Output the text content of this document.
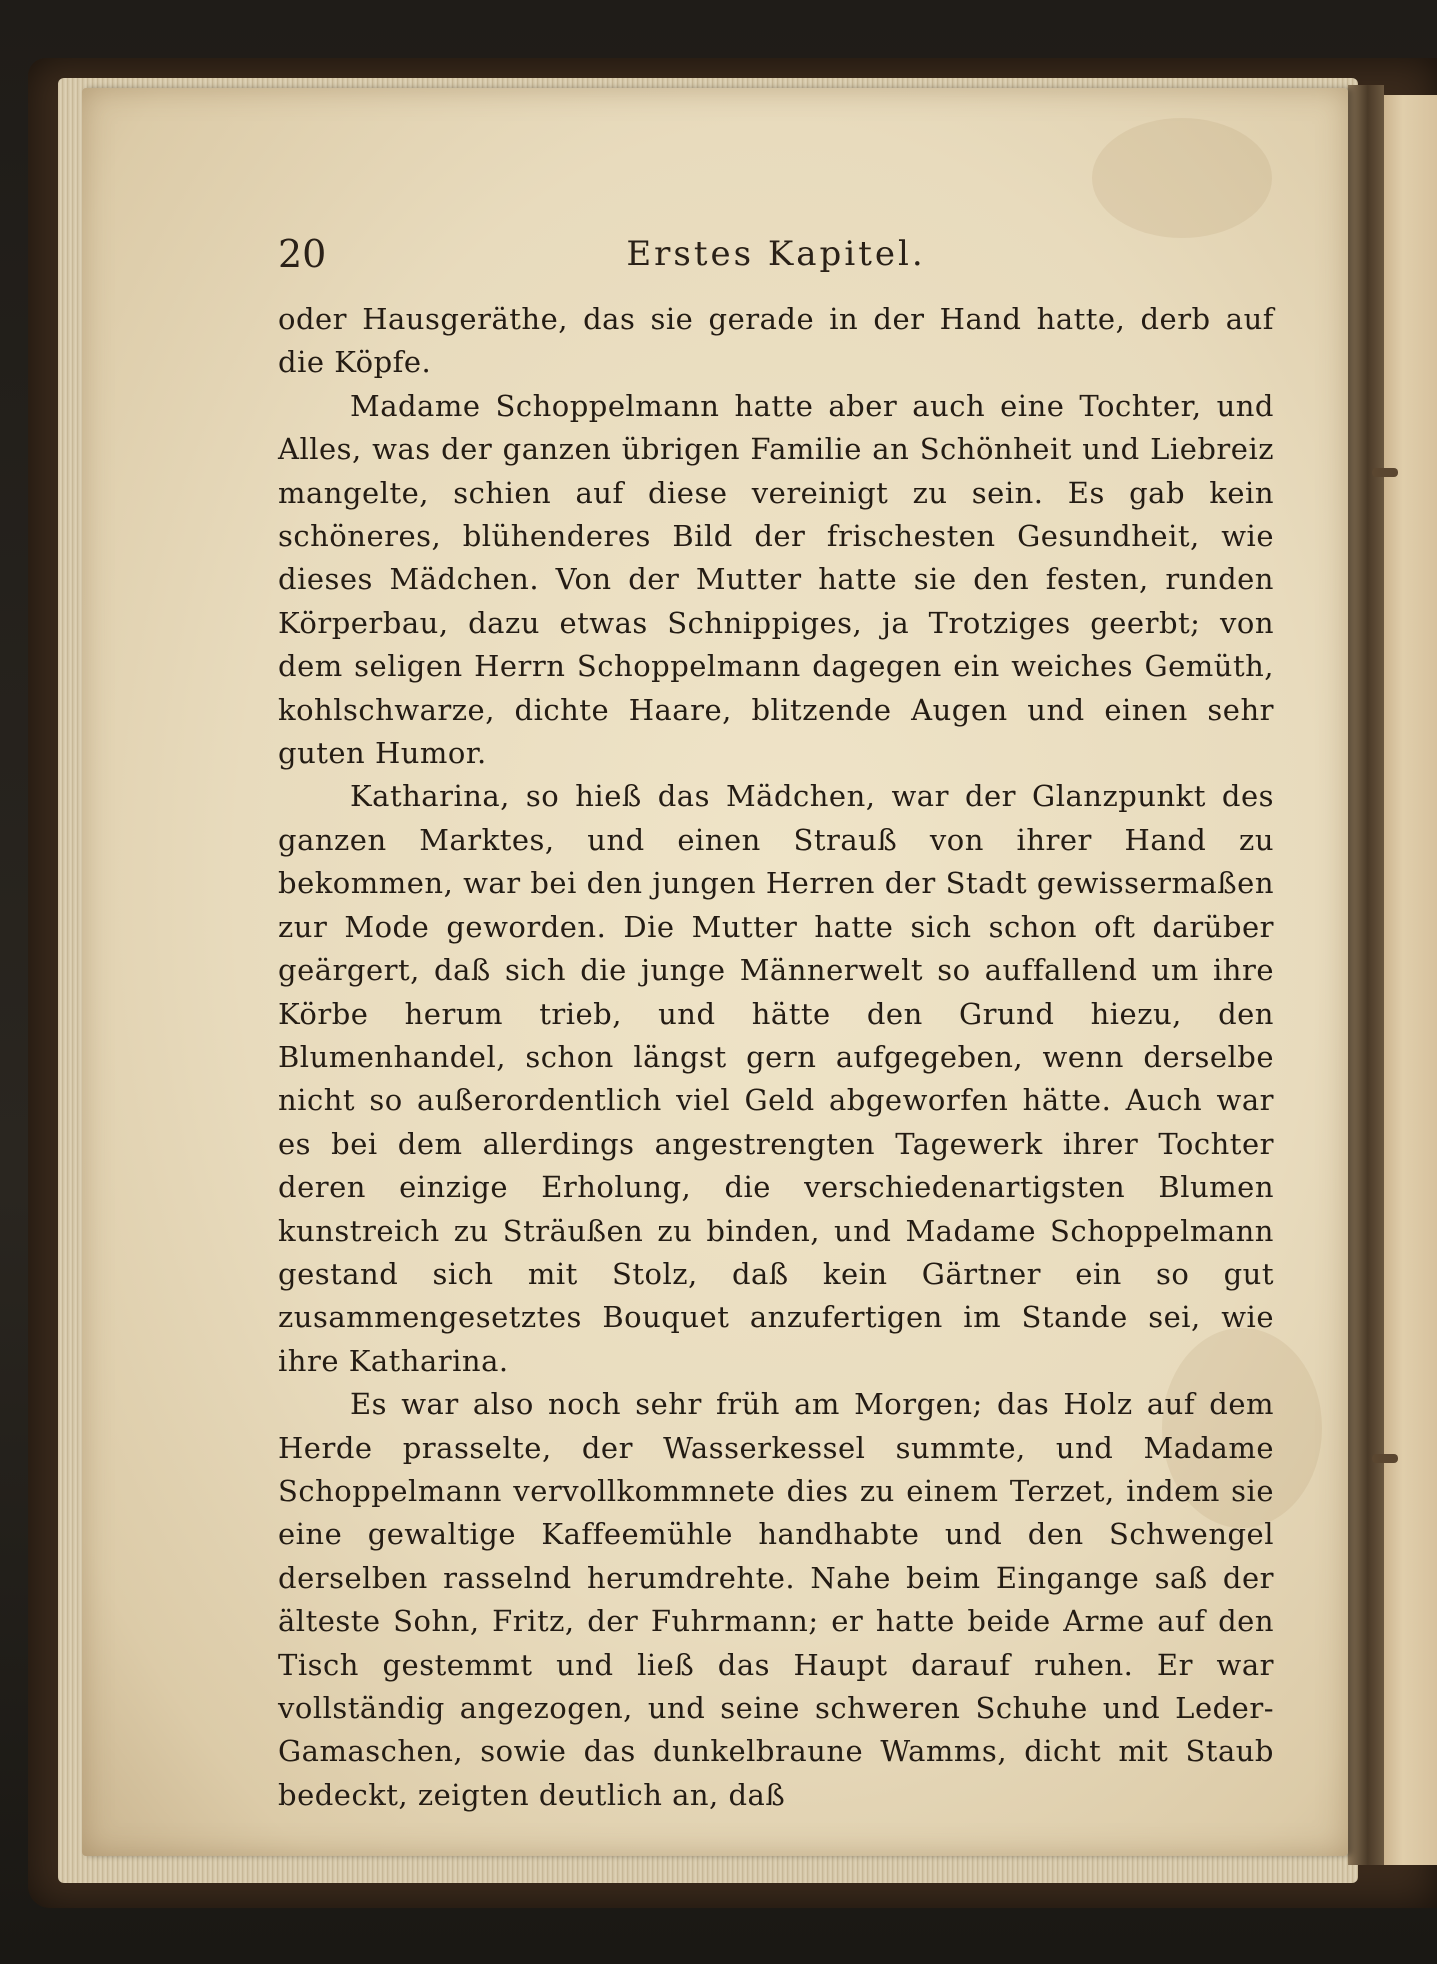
20	Erstes Kapitel.

oder Hausgeräthe, das sie gerade in der Hand hatte, derb auf die Köpfe.

Madame Schoppelmann hatte aber auch eine Tochter, und Alles, was der ganzen übrigen Familie an Schönheit und Liebreiz mangelte, schien auf diese vereinigt zu sein. Es gab kein schöneres, blühenderes Bild der frischesten Gesundheit, wie dieses Mädchen. Von der Mutter hatte sie den festen, runden Körperbau, dazu etwas Schnippiges, ja Trotziges geerbt; von dem seligen Herrn Schoppelmann dagegen ein weiches Gemüth, kohlschwarze, dichte Haare, blitzende Augen und einen sehr guten Humor.

Katharina, so hieß das Mädchen, war der Glanzpunkt des ganzen Marktes, und einen Strauß von ihrer Hand zu bekommen, war bei den jungen Herren der Stadt gewissermaßen zur Mode geworden. Die Mutter hatte sich schon oft darüber geärgert, daß sich die junge Männerwelt so auffallend um ihre Körbe herum trieb, und hätte den Grund hiezu, den Blumenhandel, schon längst gern aufgegeben, wenn derselbe nicht so außerordentlich viel Geld abgeworfen hätte. Auch war es bei dem allerdings angestrengten Tagewerk ihrer Tochter deren einzige Erholung, die verschiedenartigsten Blumen kunstreich zu Sträußen zu binden, und Madame Schoppelmann gestand sich mit Stolz, daß kein Gärtner ein so gut zusammengesetztes Bouquet anzufertigen im Stande sei, wie ihre Katharina.

Es war also noch sehr früh am Morgen; das Holz auf dem Herde prasselte, der Wasserkessel summte, und Madame Schoppelmann vervollkommnete dies zu einem Terzet, indem sie eine gewaltige Kaffeemühle handhabte und den Schwengel derselben rasselnd herumdrehte. Nahe beim Eingange saß der älteste Sohn, Fritz, der Fuhrmann; er hatte beide Arme auf den Tisch gestemmt und ließ das Haupt darauf ruhen. Er war vollständig angezogen, und seine schweren Schuhe und Leder-Gamaschen, sowie das dunkelbraune Wamms, dicht mit Staub bedeckt, zeigten deutlich an, daß
